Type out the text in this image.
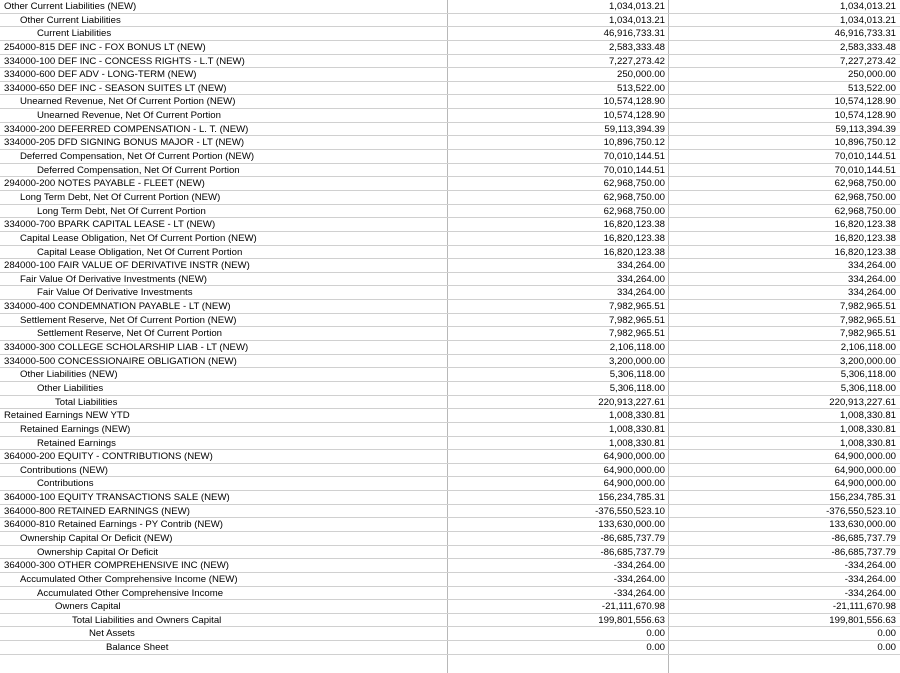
Other Current Liabilities (NEW)	1,034,013.21	1,034,013.21
Other Current Liabilities	1,034,013.21	1,034,013.21
Current Liabilities	46,916,733.31	46,916,733.31
254000-815 DEF INC - FOX BONUS LT (NEW)	2,583,333.48	2,583,333.48
334000-100 DEF INC - CONCESS RIGHTS - L.T (NEW)	7,227,273.42	7,227,273.42
334000-600 DEF ADV - LONG-TERM (NEW)	250,000.00	250,000.00
334000-650 DEF INC - SEASON SUITES LT (NEW)	513,522.00	513,522.00
Unearned Revenue, Net Of Current Portion (NEW)	10,574,128.90	10,574,128.90
Unearned Revenue, Net Of Current Portion	10,574,128.90	10,574,128.90
334000-200 DEFERRED COMPENSATION - L. T. (NEW)	59,113,394.39	59,113,394.39
334000-205 DFD SIGNING BONUS MAJOR - LT (NEW)	10,896,750.12	10,896,750.12
Deferred Compensation, Net Of Current Portion (NEW)	70,010,144.51	70,010,144.51
Deferred Compensation, Net Of Current Portion	70,010,144.51	70,010,144.51
294000-200 NOTES PAYABLE - FLEET (NEW)	62,968,750.00	62,968,750.00
Long Term Debt, Net Of Current Portion (NEW)	62,968,750.00	62,968,750.00
Long Term Debt, Net Of Current Portion	62,968,750.00	62,968,750.00
334000-700 BPARK CAPITAL LEASE - LT (NEW)	16,820,123.38	16,820,123.38
Capital Lease Obligation, Net Of Current Portion (NEW)	16,820,123.38	16,820,123.38
Capital Lease Obligation, Net Of Current Portion	16,820,123.38	16,820,123.38
284000-100 FAIR VALUE OF DERIVATIVE INSTR (NEW)	334,264.00	334,264.00
Fair Value Of Derivative Investments (NEW)	334,264.00	334,264.00
Fair Value Of Derivative Investments	334,264.00	334,264.00
334000-400 CONDEMNATION PAYABLE - LT (NEW)	7,982,965.51	7,982,965.51
Settlement Reserve, Net Of Current Portion (NEW)	7,982,965.51	7,982,965.51
Settlement Reserve, Net Of Current Portion	7,982,965.51	7,982,965.51
334000-300 COLLEGE SCHOLARSHIP LIAB - LT (NEW)	2,106,118.00	2,106,118.00
334000-500 CONCESSIONAIRE OBLIGATION (NEW)	3,200,000.00	3,200,000.00
Other Liabilities (NEW)	5,306,118.00	5,306,118.00
Other Liabilities	5,306,118.00	5,306,118.00
Total Liabilities	220,913,227.61	220,913,227.61
Retained Earnings NEW YTD	1,008,330.81	1,008,330.81
Retained Earnings (NEW)	1,008,330.81	1,008,330.81
Retained Earnings	1,008,330.81	1,008,330.81
364000-200 EQUITY - CONTRIBUTIONS (NEW)	64,900,000.00	64,900,000.00
Contributions (NEW)	64,900,000.00	64,900,000.00
Contributions	64,900,000.00	64,900,000.00
364000-100 EQUITY TRANSACTIONS SALE (NEW)	156,234,785.31	156,234,785.31
364000-800 RETAINED EARNINGS (NEW)	-376,550,523.10	-376,550,523.10
364000-810 Retained Earnings - PY Contrib (NEW)	133,630,000.00	133,630,000.00
Ownership Capital Or Deficit (NEW)	-86,685,737.79	-86,685,737.79
Ownership Capital Or Deficit	-86,685,737.79	-86,685,737.79
364000-300 OTHER COMPREHENSIVE INC (NEW)	-334,264.00	-334,264.00
Accumulated Other Comprehensive Income (NEW)	-334,264.00	-334,264.00
Accumulated Other Comprehensive Income	-334,264.00	-334,264.00
Owners Capital	-21,111,670.98	-21,111,670.98
Total Liabilities and Owners Capital	199,801,556.63	199,801,556.63
Net Assets	0.00	0.00
Balance Sheet	0.00	0.00
